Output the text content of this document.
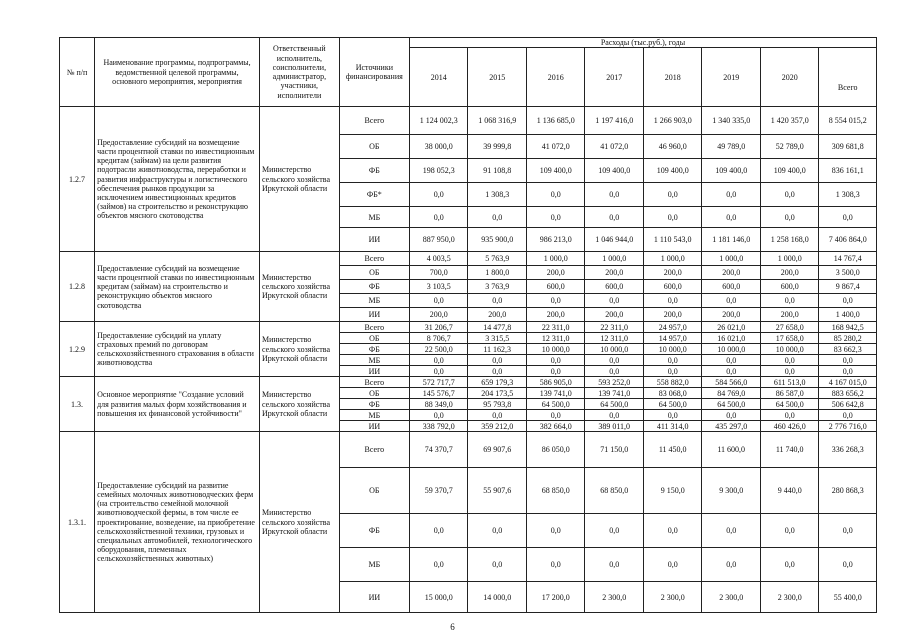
№ п/п	Наименование программы, подпрограммы, ведомственной целевой программы, основного мероприятия, мероприятия	Ответственный исполнитель, соисполнители, администратор, участники, исполнители	Источники финансирования	Расходы (тыс.руб.), годы							
				2014	2015	2016	2017	2018	2019	2020	Всего
1.2.7	Предоставление субсидий на возмещение части процентной ставки по инвестиционным кредитам (займам) на цели развития подотрасли животноводства, переработки и развития инфраструктуры и логистического обеспечения рынков продукции за исключением инвестиционных кредитов (займов) на строительство и реконструкцию объектов мясного скотоводства	Министерство сельского хозяйства Иркутской области	Всего	1 124 002,3	1 068 316,9	1 136 685,0	1 197 416,0	1 266 903,0	1 340 335,0	1 420 357,0	8 554 015,2
			ОБ	38 000,0	39 999,8	41 072,0	41 072,0	46 960,0	49 789,0	52 789,0	309 681,8
			ФБ	198 052,3	91 108,8	109 400,0	109 400,0	109 400,0	109 400,0	109 400,0	836 161,1
			ФБ*	0,0	1 308,3	0,0	0,0	0,0	0,0	0,0	1 308,3
			МБ	0,0	0,0	0,0	0,0	0,0	0,0	0,0	0,0
			ИИ	887 950,0	935 900,0	986 213,0	1 046 944,0	1 110 543,0	1 181 146,0	1 258 168,0	7 406 864,0
1.2.8	Предоставление субсидий на возмещение части процентной ставки по инвестиционным кредитам (займам) на строительство и реконструкцию объектов мясного скотоводства	Министерство сельского хозяйства Иркутской области	Всего	4 003,5	5 763,9	1 000,0	1 000,0	1 000,0	1 000,0	1 000,0	14 767,4
			ОБ	700,0	1 800,0	200,0	200,0	200,0	200,0	200,0	3 500,0
			ФБ	3 103,5	3 763,9	600,0	600,0	600,0	600,0	600,0	9 867,4
			МБ	0,0	0,0	0,0	0,0	0,0	0,0	0,0	0,0
			ИИ	200,0	200,0	200,0	200,0	200,0	200,0	200,0	1 400,0
1.2.9	Предоставление субсидий на уплату страховых премий по договорам сельскохозяйственного страхования в области животноводства	Министерство сельского хозяйства Иркутской области	Всего	31 206,7	14 477,8	22 311,0	22 311,0	24 957,0	26 021,0	27 658,0	168 942,5
			ОБ	8 706,7	3 315,5	12 311,0	12 311,0	14 957,0	16 021,0	17 658,0	85 280,2
			ФБ	22 500,0	11 162,3	10 000,0	10 000,0	10 000,0	10 000,0	10 000,0	83 662,3
			МБ	0,0	0,0	0,0	0,0	0,0	0,0	0,0	0,0
			ИИ	0,0	0,0	0,0	0,0	0,0	0,0	0,0	0,0
1.3.	Основное мероприятие "Создание условий для развития малых форм хозяйствования и повышения их финансовой устойчивости"	Министерство сельского хозяйства Иркутской области	Всего	572 717,7	659 179,3	586 905,0	593 252,0	558 882,0	584 566,0	611 513,0	4 167 015,0
			ОБ	145 576,7	204 173,5	139 741,0	139 741,0	83 068,0	84 769,0	86 587,0	883 656,2
			ФБ	88 349,0	95 793,8	64 500,0	64 500,0	64 500,0	64 500,0	64 500,0	506 642,8
			МБ	0,0	0,0	0,0	0,0	0,0	0,0	0,0	0,0
			ИИ	338 792,0	359 212,0	382 664,0	389 011,0	411 314,0	435 297,0	460 426,0	2 776 716,0
1.3.1.	Предоставление субсидий на развитие семейных молочных животноводческих ферм (на строительство семейной молочной животноводческой фермы, в том числе ее проектирование, возведение, на приобретение сельскохозяйственной техники, грузовых и специальных автомобилей, технологического оборудования, племенных сельскохозяйственных животных)	Министерство сельского хозяйства Иркутской области	Всего	74 370,7	69 907,6	86 050,0	71 150,0	11 450,0	11 600,0	11 740,0	336 268,3
			ОБ	59 370,7	55 907,6	68 850,0	68 850,0	9 150,0	9 300,0	9 440,0	280 868,3
			ФБ	0,0	0,0	0,0	0,0	0,0	0,0	0,0	0,0
			МБ	0,0	0,0	0,0	0,0	0,0	0,0	0,0	0,0
			ИИ	15 000,0	14 000,0	17 200,0	2 300,0	2 300,0	2 300,0	2 300,0	55 400,0
6
